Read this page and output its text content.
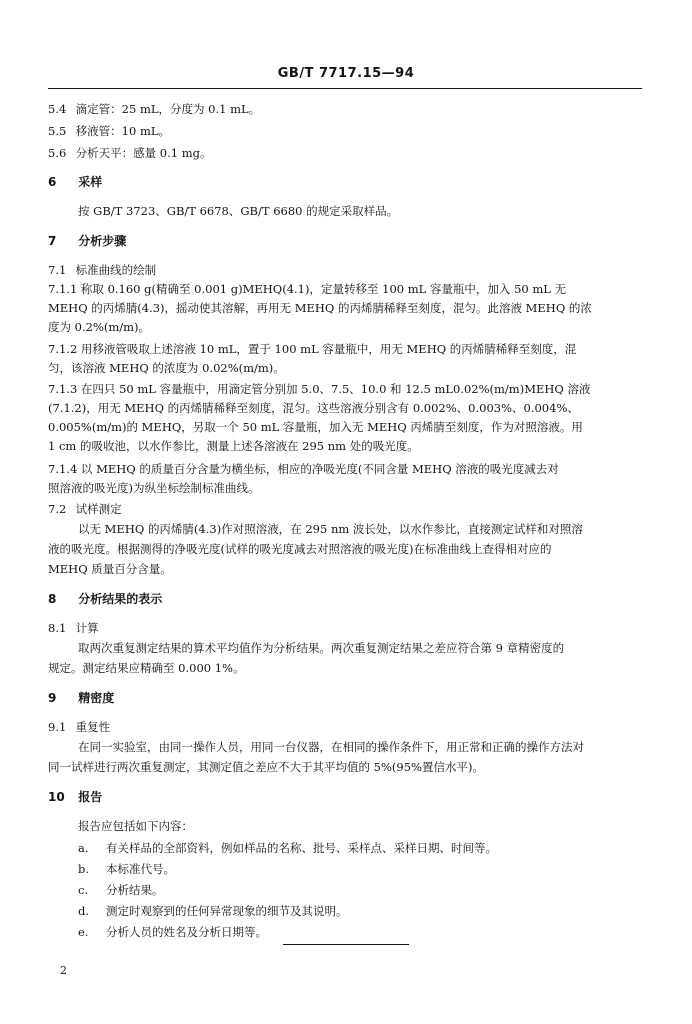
GB/T 7717.15—94
5.4 滴定管：25 mL，分度为 0.1 mL。
5.5 移液管：10 mL。
5.6 分析天平：感量 0.1 mg。
6 采样
按 GB/T 3723、GB/T 6678、GB/T 6680 的规定采取样品。
7 分析步骤
7.1 标准曲线的绘制
7.1.1 称取 0.160 g(精确至 0.001 g)MEHQ(4.1)，定量转移至 100 mL 容量瓶中，加入 50 mL 无
MEHQ 的丙烯腈(4.3)，摇动使其溶解，再用无 MEHQ 的丙烯腈稀释至刻度，混匀。此溶液 MEHQ 的浓
度为 0.2%(m/m)。
7.1.2 用移液管吸取上述溶液 10 mL，置于 100 mL 容量瓶中，用无 MEHQ 的丙烯腈稀释至刻度，混
匀，该溶液 MEHQ 的浓度为 0.02%(m/m)。
7.1.3 在四只 50 mL 容量瓶中，用滴定管分别加 5.0、7.5、10.0 和 12.5 mL0.02%(m/m)MEHQ 溶液
(7.1.2)，用无 MEHQ 的丙烯腈稀释至刻度，混匀。这些溶液分别含有 0.002%、0.003%、0.004%、
0.005%(m/m)的 MEHQ，另取一个 50 mL 容量瓶，加入无 MEHQ 丙烯腈至刻度，作为对照溶液。用
1 cm 的吸收池，以水作参比，测量上述各溶液在 295 nm 处的吸光度。
7.1.4 以 MEHQ 的质量百分含量为横坐标，相应的净吸光度(不同含量 MEHQ 溶液的吸光度减去对
照溶液的吸光度)为纵坐标绘制标准曲线。
7.2 试样测定
以无 MEHQ 的丙烯腈(4.3)作对照溶液，在 295 nm 波长处，以水作参比，直接测定试样和对照溶
液的吸光度。根据测得的净吸光度(试样的吸光度减去对照溶液的吸光度)在标准曲线上查得相对应的
MEHQ 质量百分含量。
8 分析结果的表示
8.1 计算
取两次重复测定结果的算术平均值作为分析结果。两次重复测定结果之差应符合第 9 章精密度的
规定。测定结果应精确至 0.000 1%。
9 精密度
9.1 重复性
在同一实验室，由同一操作人员，用同一台仪器，在相同的操作条件下，用正常和正确的操作方法对
同一试样进行两次重复测定，其测定值之差应不大于其平均值的 5%(95%置信水平)。
10 报告
报告应包括如下内容：
a. 有关样品的全部资料，例如样品的名称、批号、采样点、采样日期、时间等。
b. 本标准代号。
c. 分析结果。
d. 测定时观察到的任何异常现象的细节及其说明。
e. 分析人员的姓名及分析日期等。
2
